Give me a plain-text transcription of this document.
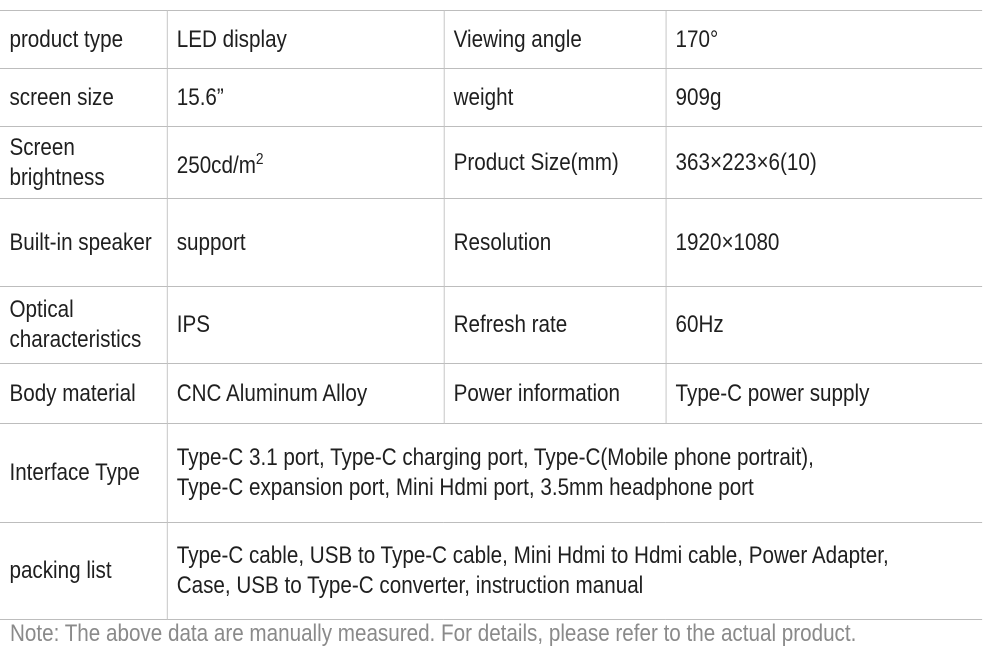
product type	LED display	Viewing angle	170°
screen size	15.6”	weight	909g
Screen brightness	$250cd/m^2$	Product Size(mm)	363×223×6(10)
Built-in speaker	support	Resolution	1920×1080
Optical characteristics	IPS	Refresh rate	60Hz
Body material	CNC Aluminum Alloy	Power information	Type-C power supply
Interface Type	Type-C 3.1 port, Type-C charging port, Type-C(Mobile phone portrait),
Type-C expansion port, Mini Hdmi port, 3.5mm headphone port		

packing list	Type-C cable, USB to Type-C cable, Mini Hdmi to Hdmi cable, Power Adapter,
Case, USB to Type-C converter, instruction manual		
Note: The above data are manually measured. For details, please refer to the actual product.
